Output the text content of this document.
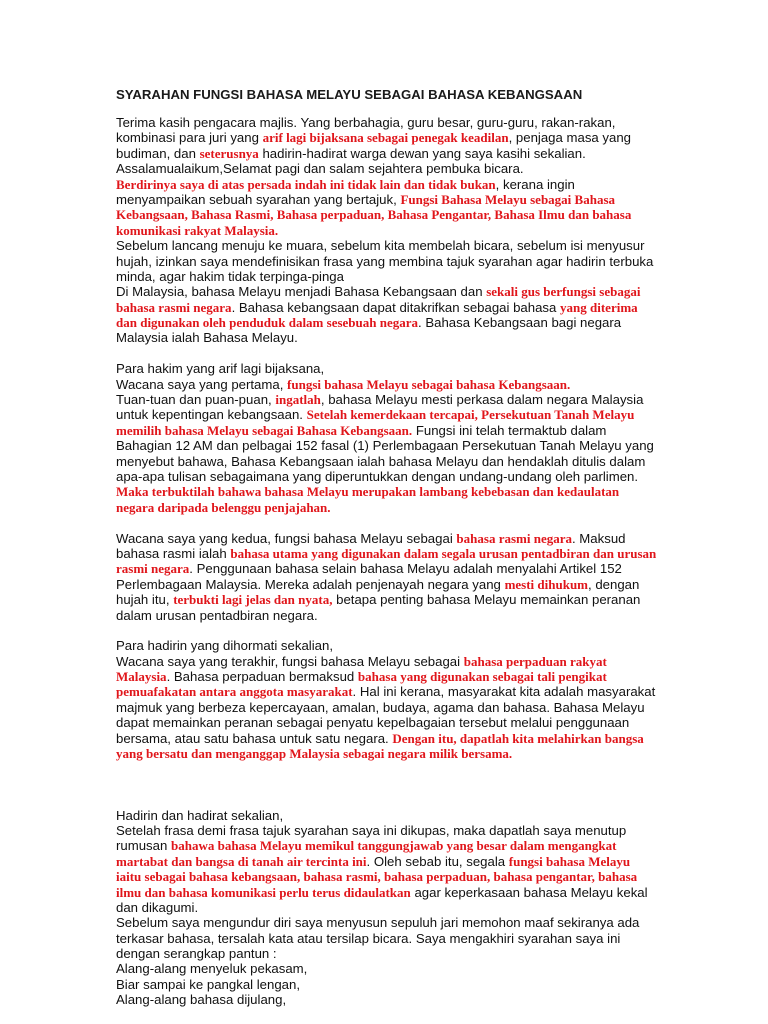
SYARAHAN FUNGSI BAHASA MELAYU SEBAGAI BAHASA KEBANGSAAN
Terima kasih pengacara majlis. Yang berbahagia, guru besar, guru-guru, rakan-rakan,
kombinasi para juri yang arif lagi bijaksana sebagai penegak keadilan, penjaga masa yang
budiman, dan seterusnya hadirin-hadirat warga dewan yang saya kasihi sekalian.
Assalamualaikum,Selamat pagi dan salam sejahtera pembuka bicara.
Berdirinya saya di atas persada indah ini tidak lain dan tidak bukan, kerana ingin
menyampaikan sebuah syarahan yang bertajuk, Fungsi Bahasa Melayu sebagai Bahasa
Kebangsaan, Bahasa Rasmi, Bahasa perpaduan, Bahasa Pengantar, Bahasa Ilmu dan bahasa
komunikasi rakyat Malaysia.
Sebelum lancang menuju ke muara, sebelum kita membelah bicara, sebelum isi menyusur
hujah, izinkan saya mendefinisikan frasa yang membina tajuk syarahan agar hadirin terbuka
minda, agar hakim tidak terpinga-pinga
Di Malaysia, bahasa Melayu menjadi Bahasa Kebangsaan dan sekali gus berfungsi sebagai
bahasa rasmi negara. Bahasa kebangsaan dapat ditakrifkan sebagai bahasa yang diterima
dan digunakan oleh penduduk dalam sesebuah negara. Bahasa Kebangsaan bagi negara
Malaysia ialah Bahasa Melayu.
Para hakim yang arif lagi bijaksana,
Wacana saya yang pertama, fungsi bahasa Melayu sebagai bahasa Kebangsaan.
Tuan-tuan dan puan-puan, ingatlah, bahasa Melayu mesti perkasa dalam negara Malaysia
untuk kepentingan kebangsaan. Setelah kemerdekaan tercapai, Persekutuan Tanah Melayu
memilih bahasa Melayu sebagai Bahasa Kebangsaan. Fungsi ini telah termaktub dalam
Bahagian 12 AM dan pelbagai 152 fasal (1) Perlembagaan Persekutuan Tanah Melayu yang
menyebut bahawa, Bahasa Kebangsaan ialah bahasa Melayu dan hendaklah ditulis dalam
apa-apa tulisan sebagaimana yang diperuntukkan dengan undang-undang oleh parlimen.
Maka terbuktilah bahawa bahasa Melayu merupakan lambang kebebasan dan kedaulatan
negara daripada belenggu penjajahan.
Wacana saya yang kedua, fungsi bahasa Melayu sebagai bahasa rasmi negara. Maksud
bahasa rasmi ialah bahasa utama yang digunakan dalam segala urusan pentadbiran dan urusan
rasmi negara. Penggunaan bahasa selain bahasa Melayu adalah menyalahi Artikel 152
Perlembagaan Malaysia. Mereka adalah penjenayah negara yang mesti dihukum, dengan
hujah itu, terbukti lagi jelas dan nyata, betapa penting bahasa Melayu memainkan peranan
dalam urusan pentadbiran negara.
Para hadirin yang dihormati sekalian,
Wacana saya yang terakhir, fungsi bahasa Melayu sebagai bahasa perpaduan rakyat
Malaysia. Bahasa perpaduan bermaksud bahasa yang digunakan sebagai tali pengikat
pemuafakatan antara anggota masyarakat. Hal ini kerana, masyarakat kita adalah masyarakat
majmuk yang berbeza kepercayaan, amalan, budaya, agama dan bahasa. Bahasa Melayu
dapat memainkan peranan sebagai penyatu kepelbagaian tersebut melalui penggunaan
bersama, atau satu bahasa untuk satu negara. Dengan itu, dapatlah kita melahirkan bangsa
yang bersatu dan menganggap Malaysia sebagai negara milik bersama.
Hadirin dan hadirat sekalian,
Setelah frasa demi frasa tajuk syarahan saya ini dikupas, maka dapatlah saya menutup
rumusan bahawa bahasa Melayu memikul tanggungjawab yang besar dalam mengangkat
martabat dan bangsa di tanah air tercinta ini. Oleh sebab itu, segala fungsi bahasa Melayu
iaitu sebagai bahasa kebangsaan, bahasa rasmi, bahasa perpaduan, bahasa pengantar, bahasa
ilmu dan bahasa komunikasi perlu terus didaulatkan agar keperkasaan bahasa Melayu kekal
dan dikagumi.
Sebelum saya mengundur diri saya menyusun sepuluh jari memohon maaf sekiranya ada
terkasar bahasa, tersalah kata atau tersilap bicara. Saya mengakhiri syarahan saya ini
dengan serangkap pantun :
Alang-alang menyeluk pekasam,
Biar sampai ke pangkal lengan,
Alang-alang bahasa dijulang,
